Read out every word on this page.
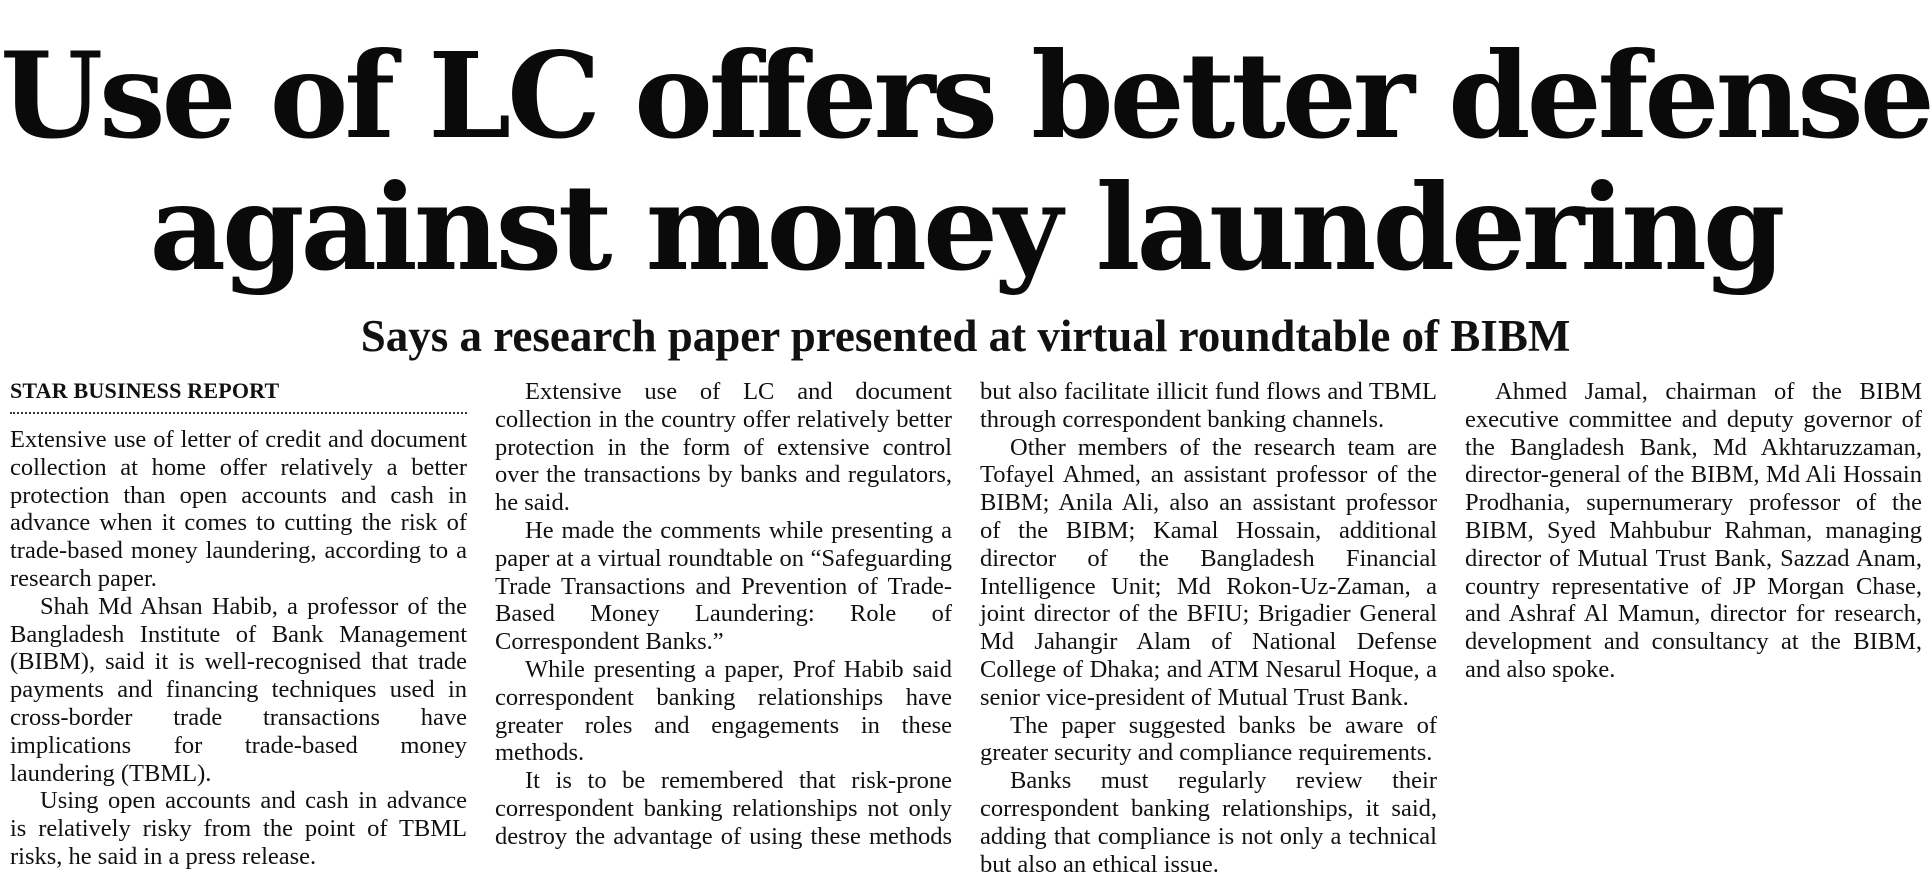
Use of LC offers better defense against money laundering
Says a research paper presented at virtual roundtable of BIBM
STAR BUSINESS REPORT

Extensive use of letter of credit and document collection at home offer relatively a better protection than open accounts and cash in advance when it comes to cutting the risk of trade-based money laundering, according to a research paper.

Shah Md Ahsan Habib, a professor of the Bangladesh Institute of Bank Management (BIBM), said it is well-recognised that trade payments and financing techniques used in cross-border trade transactions have implications for trade-based money laundering (TBML).

Using open accounts and cash in advance is relatively risky from the point of TBML risks, he said in a press release.

Extensive use of LC and document collection in the country offer relatively better protection in the form of extensive control over the transactions by banks and regulators, he said.

He made the comments while presenting a paper at a virtual roundtable on “Safeguarding Trade Transactions and Prevention of Trade-Based Money Laundering: Role of Correspondent Banks.”

While presenting a paper, Prof Habib said correspondent banking relationships have greater roles and engagements in these methods.

It is to be remembered that risk-prone correspondent banking relationships not only destroy the advantage of using these methods but also facilitate illicit fund flows and TBML through correspondent banking channels.

Other members of the research team are Tofayel Ahmed, an assistant professor of the BIBM; Anila Ali, also an assistant professor of the BIBM; Kamal Hossain, additional director of the Bangladesh Financial Intelligence Unit; Md Rokon-Uz-Zaman, a joint director of the BFIU; Brigadier General Md Jahangir Alam of National Defense College of Dhaka; and ATM Nesarul Hoque, a senior vice-president of Mutual Trust Bank.

The paper suggested banks be aware of greater security and compliance requirements.

Banks must regularly review their correspondent banking relationships, it said, adding that compliance is not only a technical but also an ethical issue.

Ahmed Jamal, chairman of the BIBM executive committee and deputy governor of the Bangladesh Bank, Md Akhtaruzzaman, director-general of the BIBM, Md Ali Hossain Prodhania, supernumerary professor of the BIBM, Syed Mahbubur Rahman, managing director of Mutual Trust Bank, Sazzad Anam, country representative of JP Morgan Chase, and Ashraf Al Mamun, director for research, development and consultancy at the BIBM, and also spoke.
